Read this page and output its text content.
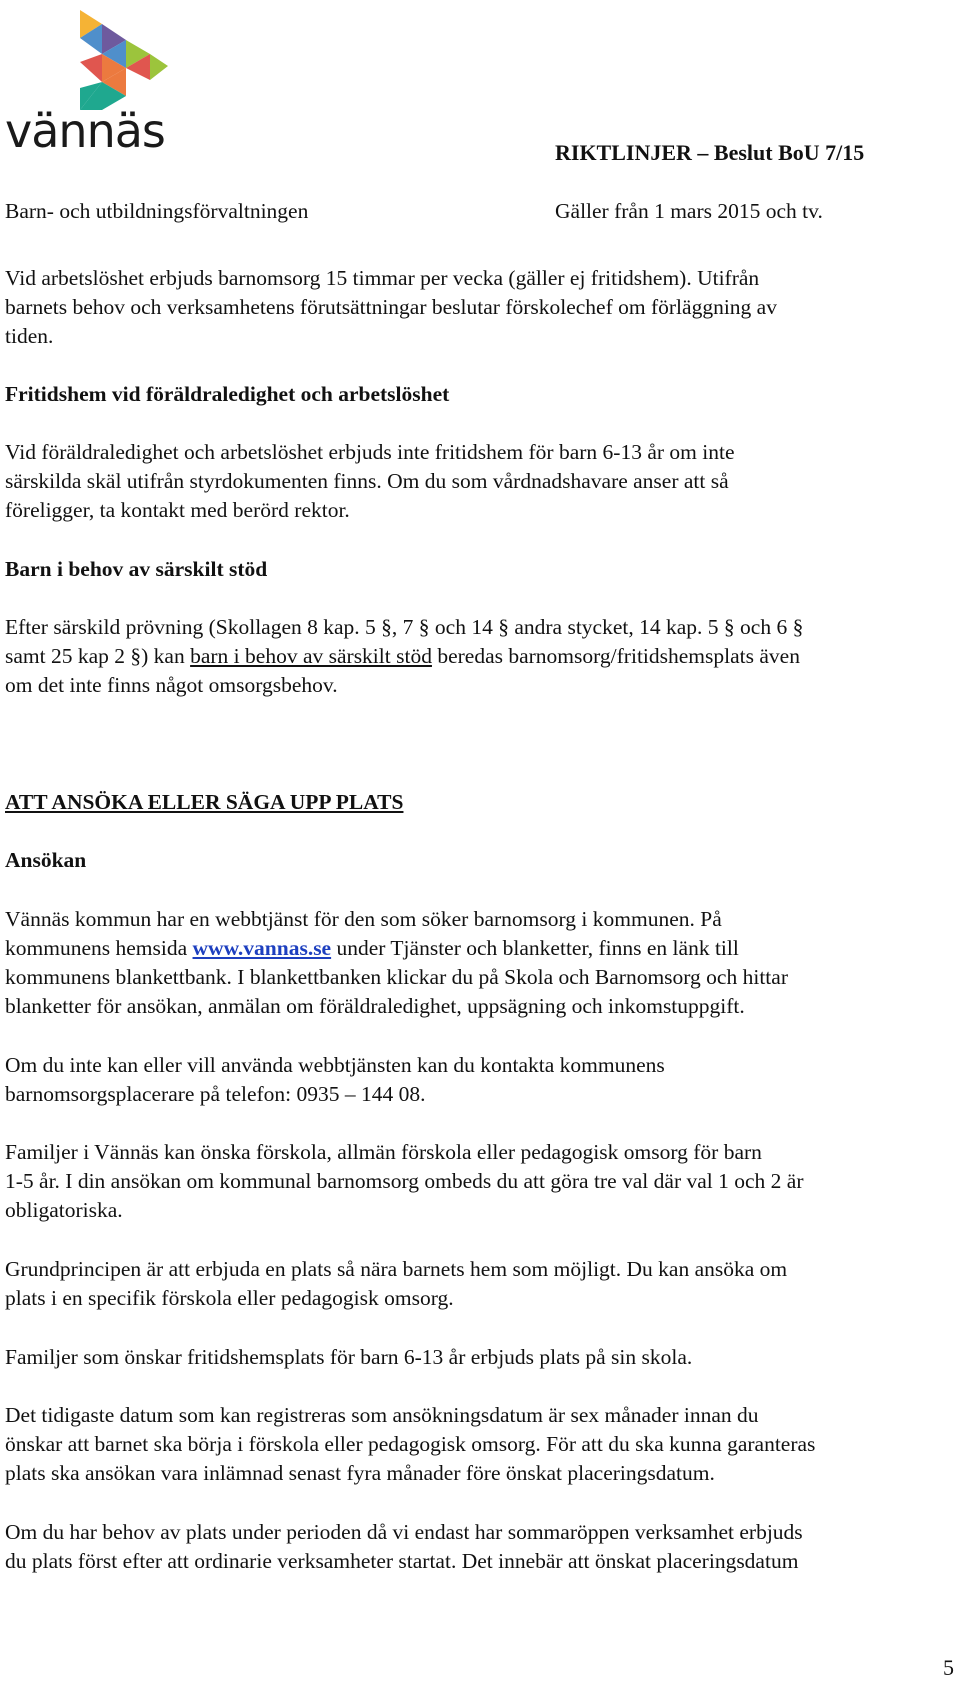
vännäs	RIKTLINJER – Beslut BoU 7/15
Barn- och utbildningsförvaltningen	Gäller från 1 mars 2015 och tv.
Vid arbetslöshet erbjuds barnomsorg 15 timmar per vecka (gäller ej fritidshem). Utifrån
barnets behov och verksamhetens förutsättningar beslutar förskolechef om förläggning av
tiden.
Fritidshem vid föräldraledighet och arbetslöshet
Vid föräldraledighet och arbetslöshet erbjuds inte fritidshem för barn 6-13 år om inte
särskilda skäl utifrån styrdokumenten finns. Om du som vårdnadshavare anser att så
föreligger, ta kontakt med berörd rektor.
Barn i behov av särskilt stöd
Efter särskild prövning (Skollagen 8 kap. 5 §, 7 § och 14 § andra stycket, 14 kap. 5 § och 6 §
samt 25 kap 2 §) kan barn i behov av särskilt stöd beredas barnomsorg/fritidshemsplats även
om det inte finns något omsorgsbehov.
ATT ANSÖKA ELLER SÄGA UPP PLATS
Ansökan
Vännäs kommun har en webbtjänst för den som söker barnomsorg i kommunen. På
kommunens hemsida www.vannas.se under Tjänster och blanketter, finns en länk till
kommunens blankettbank. I blankettbanken klickar du på Skola och Barnomsorg och hittar
blanketter för ansökan, anmälan om föräldraledighet, uppsägning och inkomstuppgift.
Om du inte kan eller vill använda webbtjänsten kan du kontakta kommunens
barnomsorgsplacerare på telefon: 0935 – 144 08.
Familjer i Vännäs kan önska förskola, allmän förskola eller pedagogisk omsorg för barn
1-5 år. I din ansökan om kommunal barnomsorg ombeds du att göra tre val där val 1 och 2 är
obligatoriska.
Grundprincipen är att erbjuda en plats så nära barnets hem som möjligt. Du kan ansöka om
plats i en specifik förskola eller pedagogisk omsorg.
Familjer som önskar fritidshemsplats för barn 6-13 år erbjuds plats på sin skola.
Det tidigaste datum som kan registreras som ansökningsdatum är sex månader innan du
önskar att barnet ska börja i förskola eller pedagogisk omsorg. För att du ska kunna garanteras
plats ska ansökan vara inlämnad senast fyra månader före önskat placeringsdatum.
Om du har behov av plats under perioden då vi endast har sommaröppen verksamhet erbjuds
du plats först efter att ordinarie verksamheter startat. Det innebär att önskat placeringsdatum
5
